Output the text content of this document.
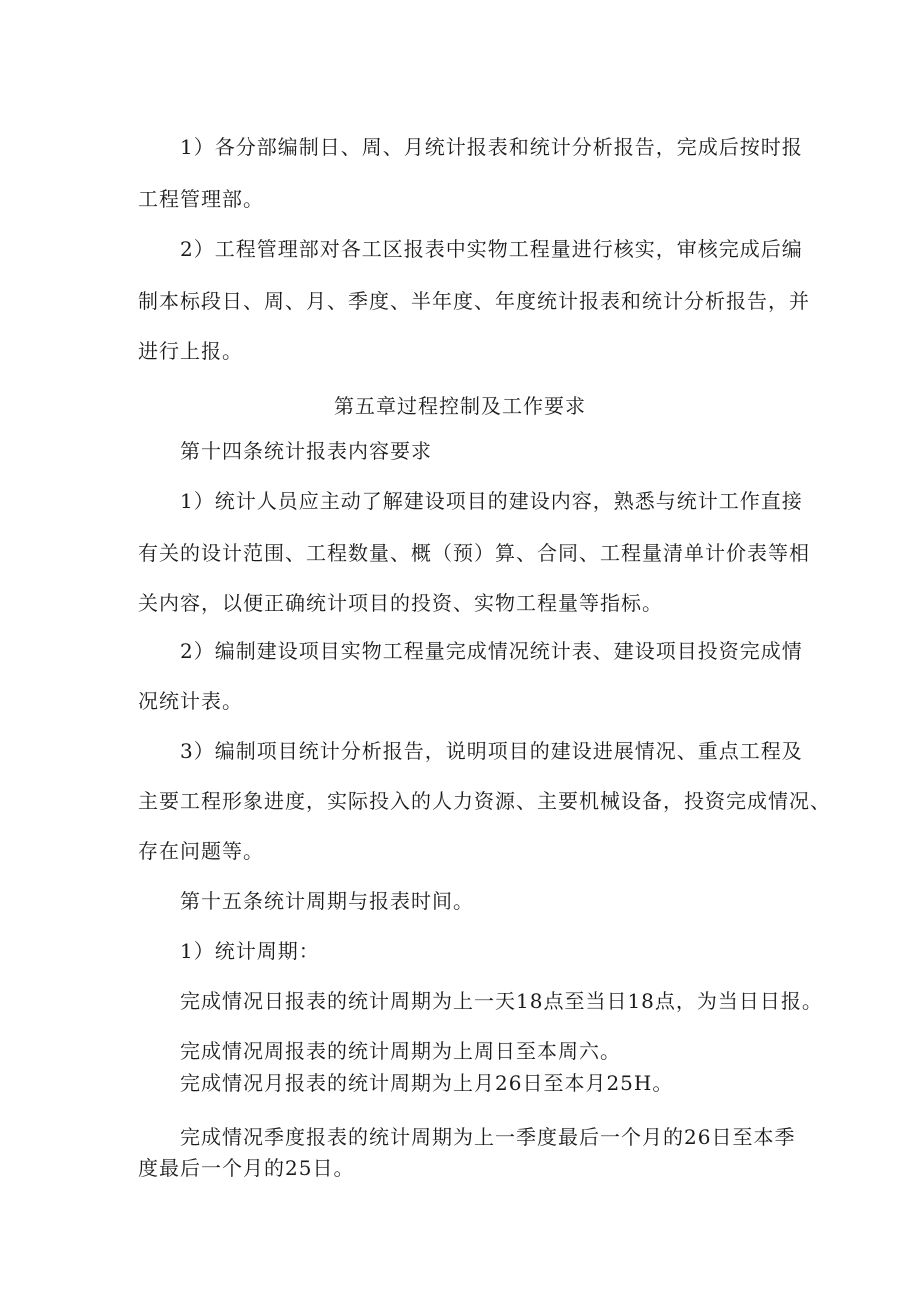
1）各分部编制日、周、月统计报表和统计分析报告，完成后按时报
工程管理部。
2）工程管理部对各工区报表中实物工程量进行核实，审核完成后编
制本标段日、周、月、季度、半年度、年度统计报表和统计分析报告，并
进行上报。
第五章过程控制及工作要求
第十四条统计报表内容要求
1）统计人员应主动了解建设项目的建设内容，熟悉与统计工作直接
有关的设计范围、工程数量、概（预）算、合同、工程量清单计价表等相
关内容，以便正确统计项目的投资、实物工程量等指标。
2）编制建设项目实物工程量完成情况统计表、建设项目投资完成情
况统计表。
3）编制项目统计分析报告，说明项目的建设进展情况、重点工程及
主要工程形象进度，实际投入的人力资源、主要机械设备，投资完成情况、
存在问题等。
第十五条统计周期与报表时间。
1）统计周期：
完成情况日报表的统计周期为上一天18点至当日18点，为当日日报。
完成情况周报表的统计周期为上周日至本周六。
完成情况月报表的统计周期为上月26日至本月25H。
完成情况季度报表的统计周期为上一季度最后一个月的26日至本季
度最后一个月的25日。
